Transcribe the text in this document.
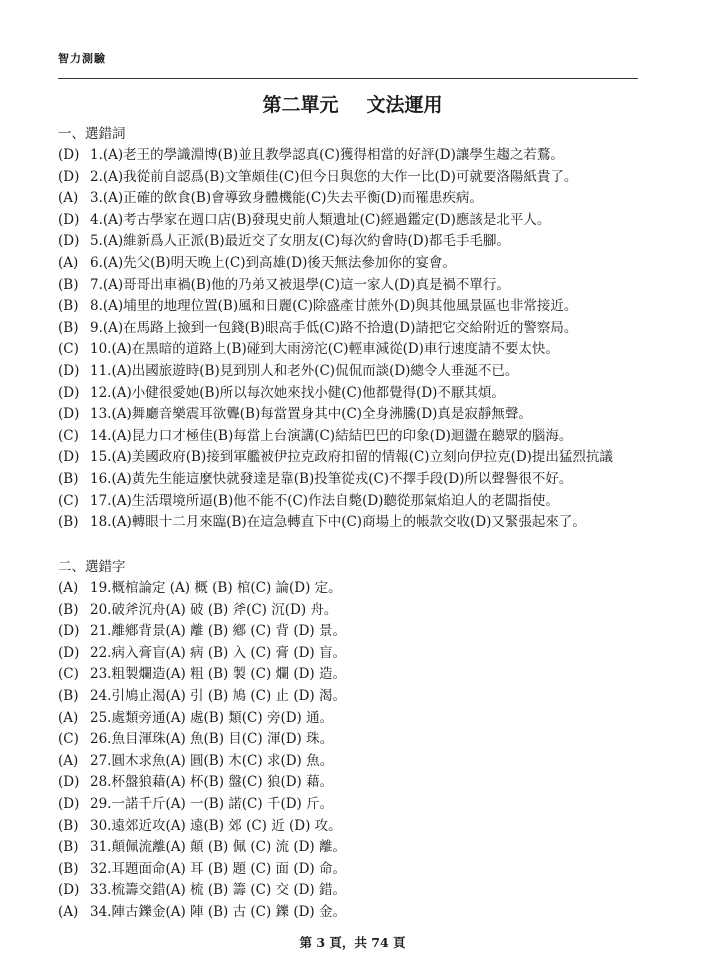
智力測驗
第二單元 文法運用
一、選錯詞
(D) 1.(A)老王的學識淵博(B)並且教學認真(C)獲得相當的好評(D)讓學生趨之若鶩。
(D) 2.(A)我從前自認爲(B)文筆頗佳(C)但今日與您的大作一比(D)可就要洛陽紙貴了。
(A) 3.(A)正確的飲食(B)會導致身體機能(C)失去平衡(D)而罹患疾病。
(D) 4.(A)考古學家在週口店(B)發現史前人類遺址(C)經過鑑定(D)應該是北平人。
(D) 5.(A)維新爲人正派(B)最近交了女朋友(C)每次約會時(D)都毛手毛腳。
(A) 6.(A)先父(B)明天晚上(C)到高雄(D)後天無法參加你的宴會。
(B) 7.(A)哥哥出車禍(B)他的乃弟又被退學(C)這一家人(D)真是禍不單行。
(B) 8.(A)埔里的地理位置(B)風和日麗(C)除盛產甘蔗外(D)與其他風景區也非常接近。
(B) 9.(A)在馬路上撿到一包錢(B)眼高手低(C)路不拾遺(D)請把它交給附近的警察局。
(C) 10.(A)在黑暗的道路上(B)碰到大雨滂沱(C)輕車減從(D)車行速度請不要太快。
(D) 11.(A)出國旅遊時(B)見到別人和老外(C)侃侃而談(D)總令人垂涎不已。
(D) 12.(A)小健很愛她(B)所以每次她來找小健(C)他都覺得(D)不厭其煩。
(D) 13.(A)舞廳音樂震耳欲聾(B)每當置身其中(C)全身沸騰(D)真是寂靜無聲。
(C) 14.(A)昆力口才極佳(B)每當上台演講(C)結結巴巴的印象(D)迴盪在聽眾的腦海。
(D) 15.(A)美國政府(B)接到軍艦被伊拉克政府扣留的情報(C)立刻向伊拉克(D)提出猛烈抗議
(B) 16.(A)黃先生能這麼快就發達是靠(B)投筆從戎(C)不擇手段(D)所以聲譽很不好。
(C) 17.(A)生活環境所逼(B)他不能不(C)作法自斃(D)聽從那氣焰迫人的老闆指使。
(B) 18.(A)轉眼十二月來臨(B)在這急轉直下中(C)商場上的帳款交收(D)又緊張起來了。
二、選錯字
(A) 19.概棺論定 (A) 概 (B) 棺(C) 論(D) 定。
(B) 20.破斧沉舟(A) 破 (B) 斧(C) 沉(D) 舟。
(D) 21.離鄕背景(A) 離 (B) 鄕 (C) 背 (D) 景。
(D) 22.病入膏盲(A) 病 (B) 入 (C) 膏 (D) 盲。
(C) 23.粗製爛造(A) 粗 (B) 製 (C) 爛 (D) 造。
(B) 24.引鳩止渴(A) 引 (B) 鳩 (C) 止 (D) 渴。
(A) 25.處類旁通(A) 處(B) 類(C) 旁(D) 通。
(C) 26.魚目渾珠(A) 魚(B) 目(C) 渾(D) 珠。
(A) 27.圓木求魚(A) 圓(B) 木(C) 求(D) 魚。
(D) 28.杯盤狼藉(A) 杯(B) 盤(C) 狼(D) 藉。
(D) 29.一諾千斤(A) 一(B) 諾(C) 千(D) 斤。
(B) 30.遠郊近攻(A) 遠(B) 郊 (C) 近 (D) 攻。
(B) 31.顛佩流離(A) 顛 (B) 佩 (C) 流 (D) 離。
(B) 32.耳題面命(A) 耳 (B) 題 (C) 面 (D) 命。
(D) 33.梳籌交錯(A) 梳 (B) 籌 (C) 交 (D) 錯。
(A) 34.陣古鑠金(A) 陣 (B) 古 (C) 鑠 (D) 金。
第 3 頁，共 74 頁
